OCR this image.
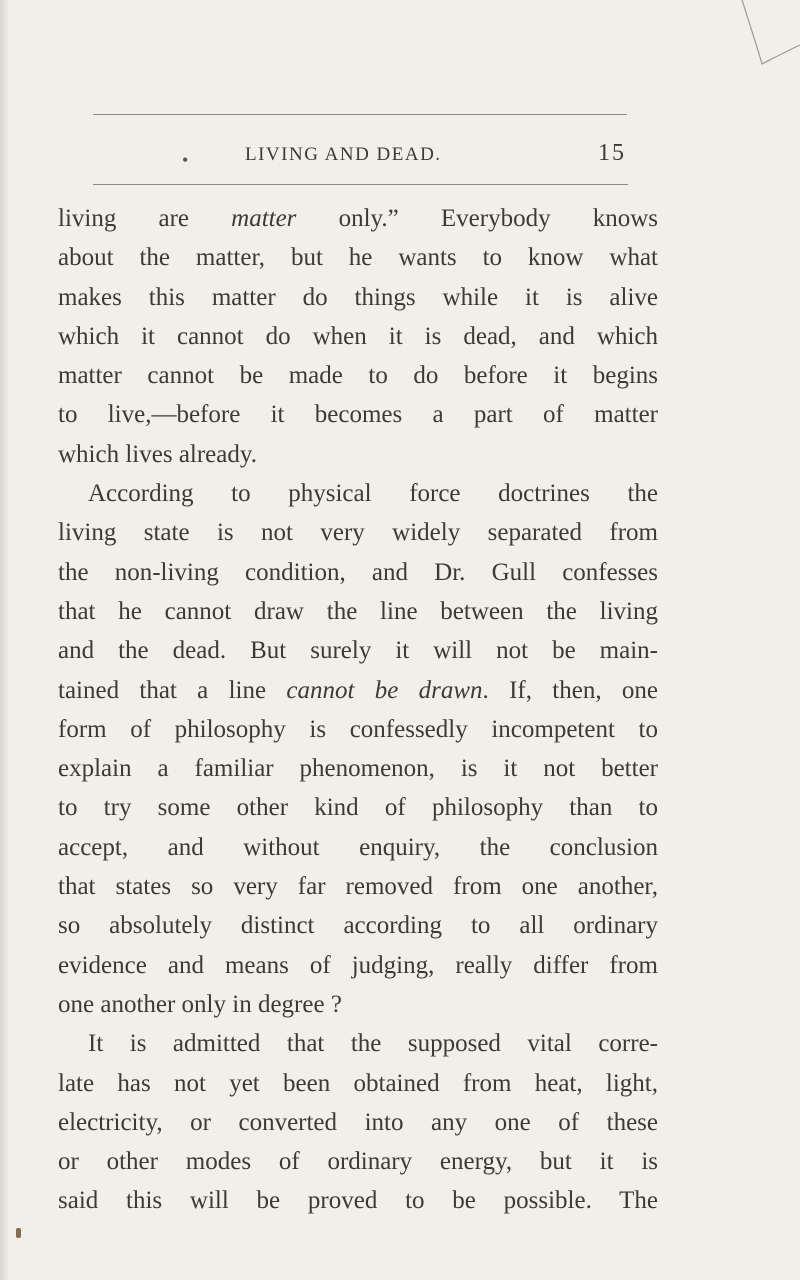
•	LIVING AND DEAD.	15
living are matter only.” Everybody knows
about the matter, but he wants to know what
makes this matter do things while it is alive
which it cannot do when it is dead, and which
matter cannot be made to do before it begins
to live,—before it becomes a part of matter
which lives already.
According to physical force doctrines the
living state is not very widely separated from
the non-living condition, and Dr. Gull confesses
that he cannot draw the line between the living
and the dead. But surely it will not be main-
tained that a line cannot be drawn. If, then, one
form of philosophy is confessedly incompetent to
explain a familiar phenomenon, is it not better
to try some other kind of philosophy than to
accept, and without enquiry, the conclusion
that states so very far removed from one another,
so absolutely distinct according to all ordinary
evidence and means of judging, really differ from
one another only in degree ?
It is admitted that the supposed vital corre-
late has not yet been obtained from heat, light,
electricity, or converted into any one of these
or other modes of ordinary energy, but it is
said this will be proved to be possible. The
